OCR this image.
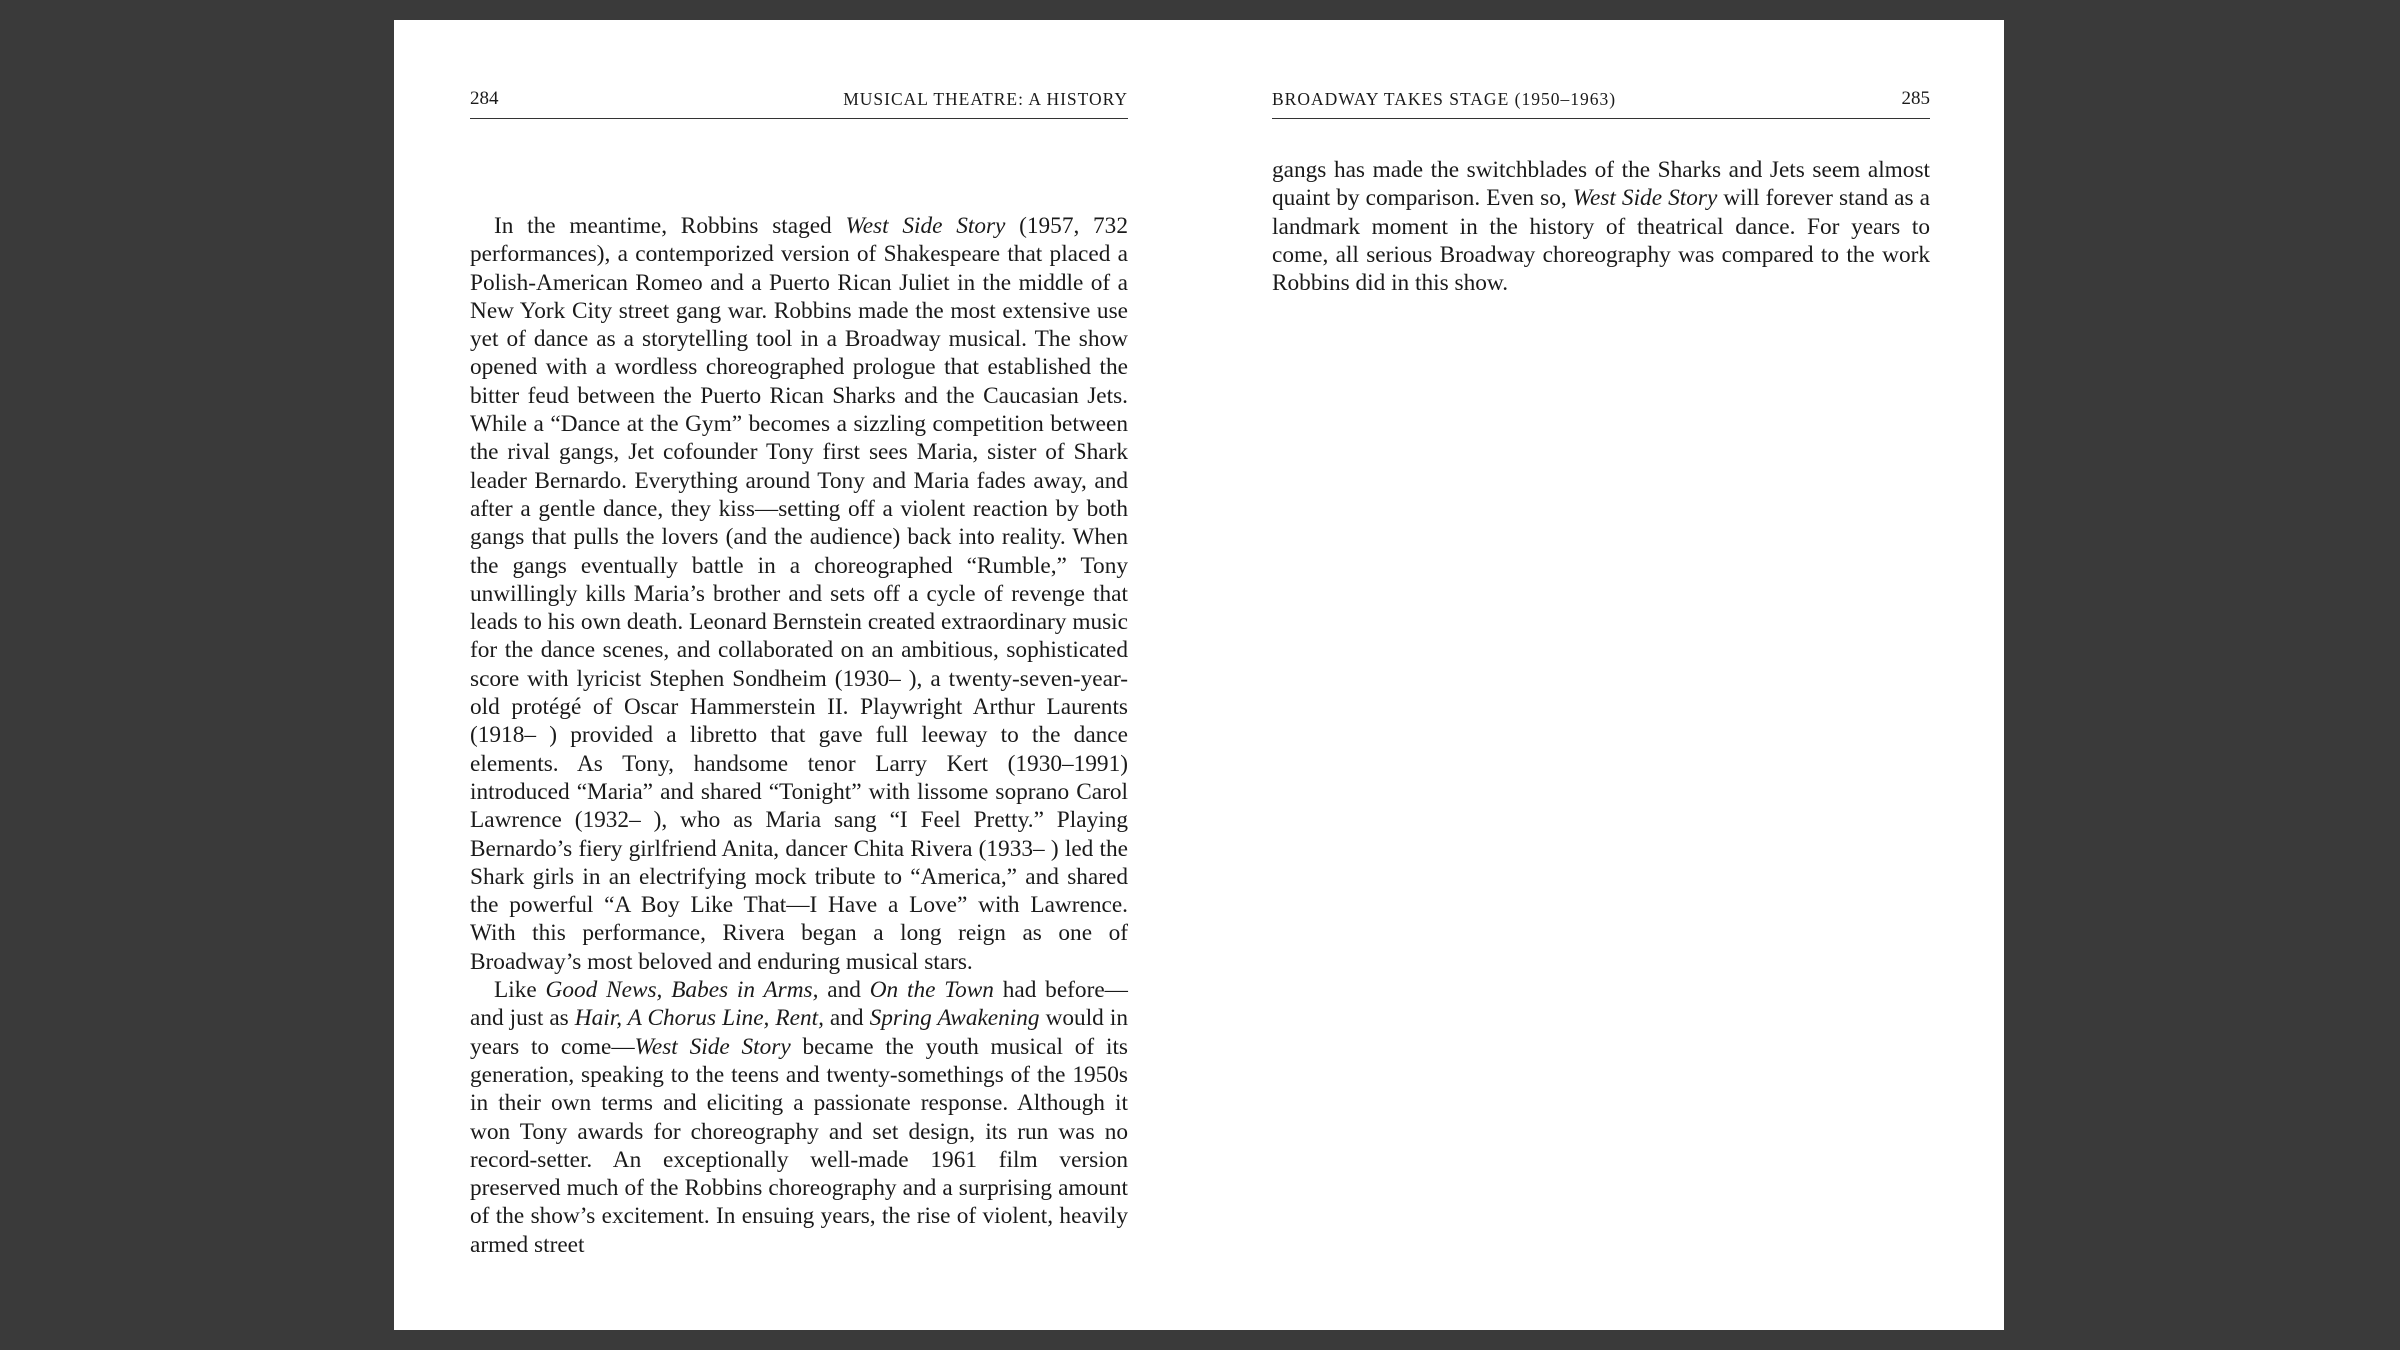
284	MUSICAL THEATRE: A HISTORY

In the meantime, Robbins staged West Side Story (1957, 732 performances), a contemporized version of Shakespeare that placed a Polish-American Romeo and a Puerto Rican Juliet in the middle of a New York City street gang war. Robbins made the most extensive use yet of dance as a storytelling tool in a Broadway musical. The show opened with a wordless choreographed prologue that established the bitter feud between the Puerto Rican Sharks and the Caucasian Jets. While a “Dance at the Gym” becomes a sizzling competition between the rival gangs, Jet cofounder Tony first sees Maria, sister of Shark leader Bernardo. Everything around Tony and Maria fades away, and after a gentle dance, they kiss—setting off a violent reaction by both gangs that pulls the lovers (and the audience) back into reality. When the gangs eventually battle in a choreographed “Rumble,” Tony unwillingly kills Maria’s brother and sets off a cycle of revenge that leads to his own death. Leonard Bernstein created extraordinary music for the dance scenes, and collaborated on an ambitious, sophisticated score with lyricist Stephen Sondheim (1930– ), a twenty-seven-year-old protégé of Oscar Hammerstein II. Playwright Arthur Laurents (1918– ) provided a libretto that gave full leeway to the dance elements. As Tony, handsome tenor Larry Kert (1930–1991) introduced “Maria” and shared “Tonight” with lissome soprano Carol Lawrence (1932– ), who as Maria sang “I Feel Pretty.” Playing Bernardo’s fiery girlfriend Anita, dancer Chita Rivera (1933– ) led the Shark girls in an electrifying mock tribute to “America,” and shared the powerful “A Boy Like That—I Have a Love” with Lawrence. With this performance, Rivera began a long reign as one of Broadway’s most beloved and enduring musical stars.

Like Good News, Babes in Arms, and On the Town had before—and just as Hair, A Chorus Line, Rent, and Spring Awakening would in years to come—West Side Story became the youth musical of its generation, speaking to the teens and twenty-somethings of the 1950s in their own terms and eliciting a passionate response. Although it won Tony awards for choreography and set design, its run was no record-setter. An exceptionally well-made 1961 film version preserved much of the Robbins choreography and a surprising amount of the show’s excitement. In ensuing years, the rise of violent, heavily armed street

BROADWAY TAKES STAGE (1950–1963)	285

gangs has made the switchblades of the Sharks and Jets seem almost quaint by comparison. Even so, West Side Story will forever stand as a landmark moment in the history of theatrical dance. For years to come, all serious Broadway choreography was compared to the work Robbins did in this show.
